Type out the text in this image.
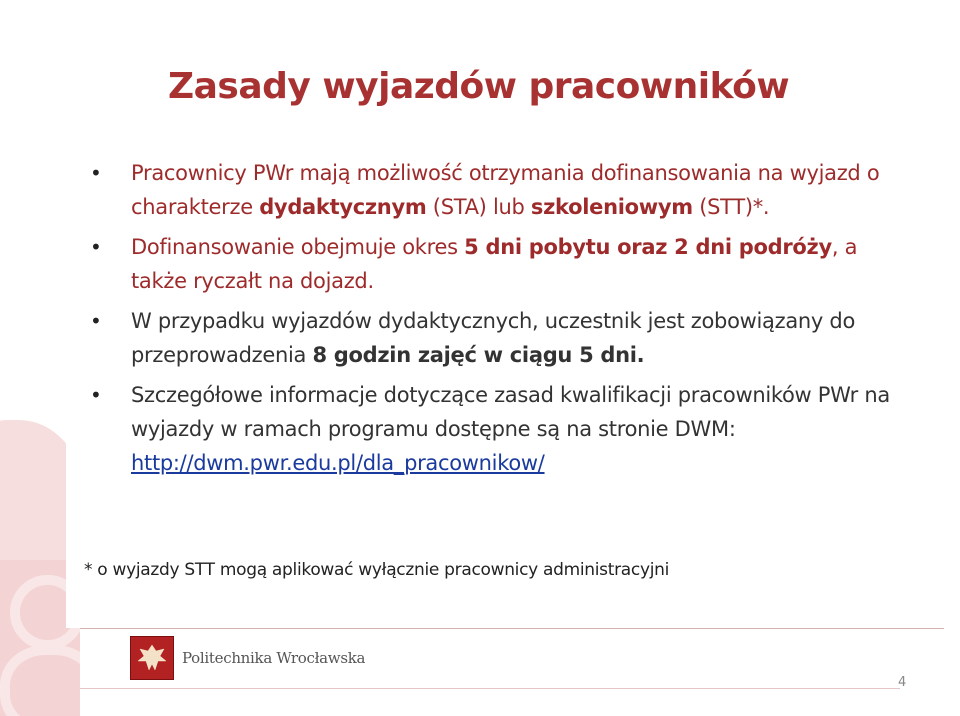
Zasady wyjazdów pracowników
• Pracownicy PWr mają możliwość otrzymania dofinansowania na wyjazd o charakterze dydaktycznym (STA) lub szkoleniowym (STT)*.
• Dofinansowanie obejmuje okres 5 dni pobytu oraz 2 dni podróży, a także ryczałt na dojazd.
• W przypadku wyjazdów dydaktycznych, uczestnik jest zobowiązany do przeprowadzenia 8 godzin zajęć w ciągu 5 dni.
• Szczegółowe informacje dotyczące zasad kwalifikacji pracowników PWr na wyjazdy w ramach programu dostępne są na stronie DWM: http://dwm.pwr.edu.pl/dla_pracownikow/

* o wyjazdy STT mogą aplikować wyłącznie pracownicy administracyjni

Politechnika Wrocławska
4
